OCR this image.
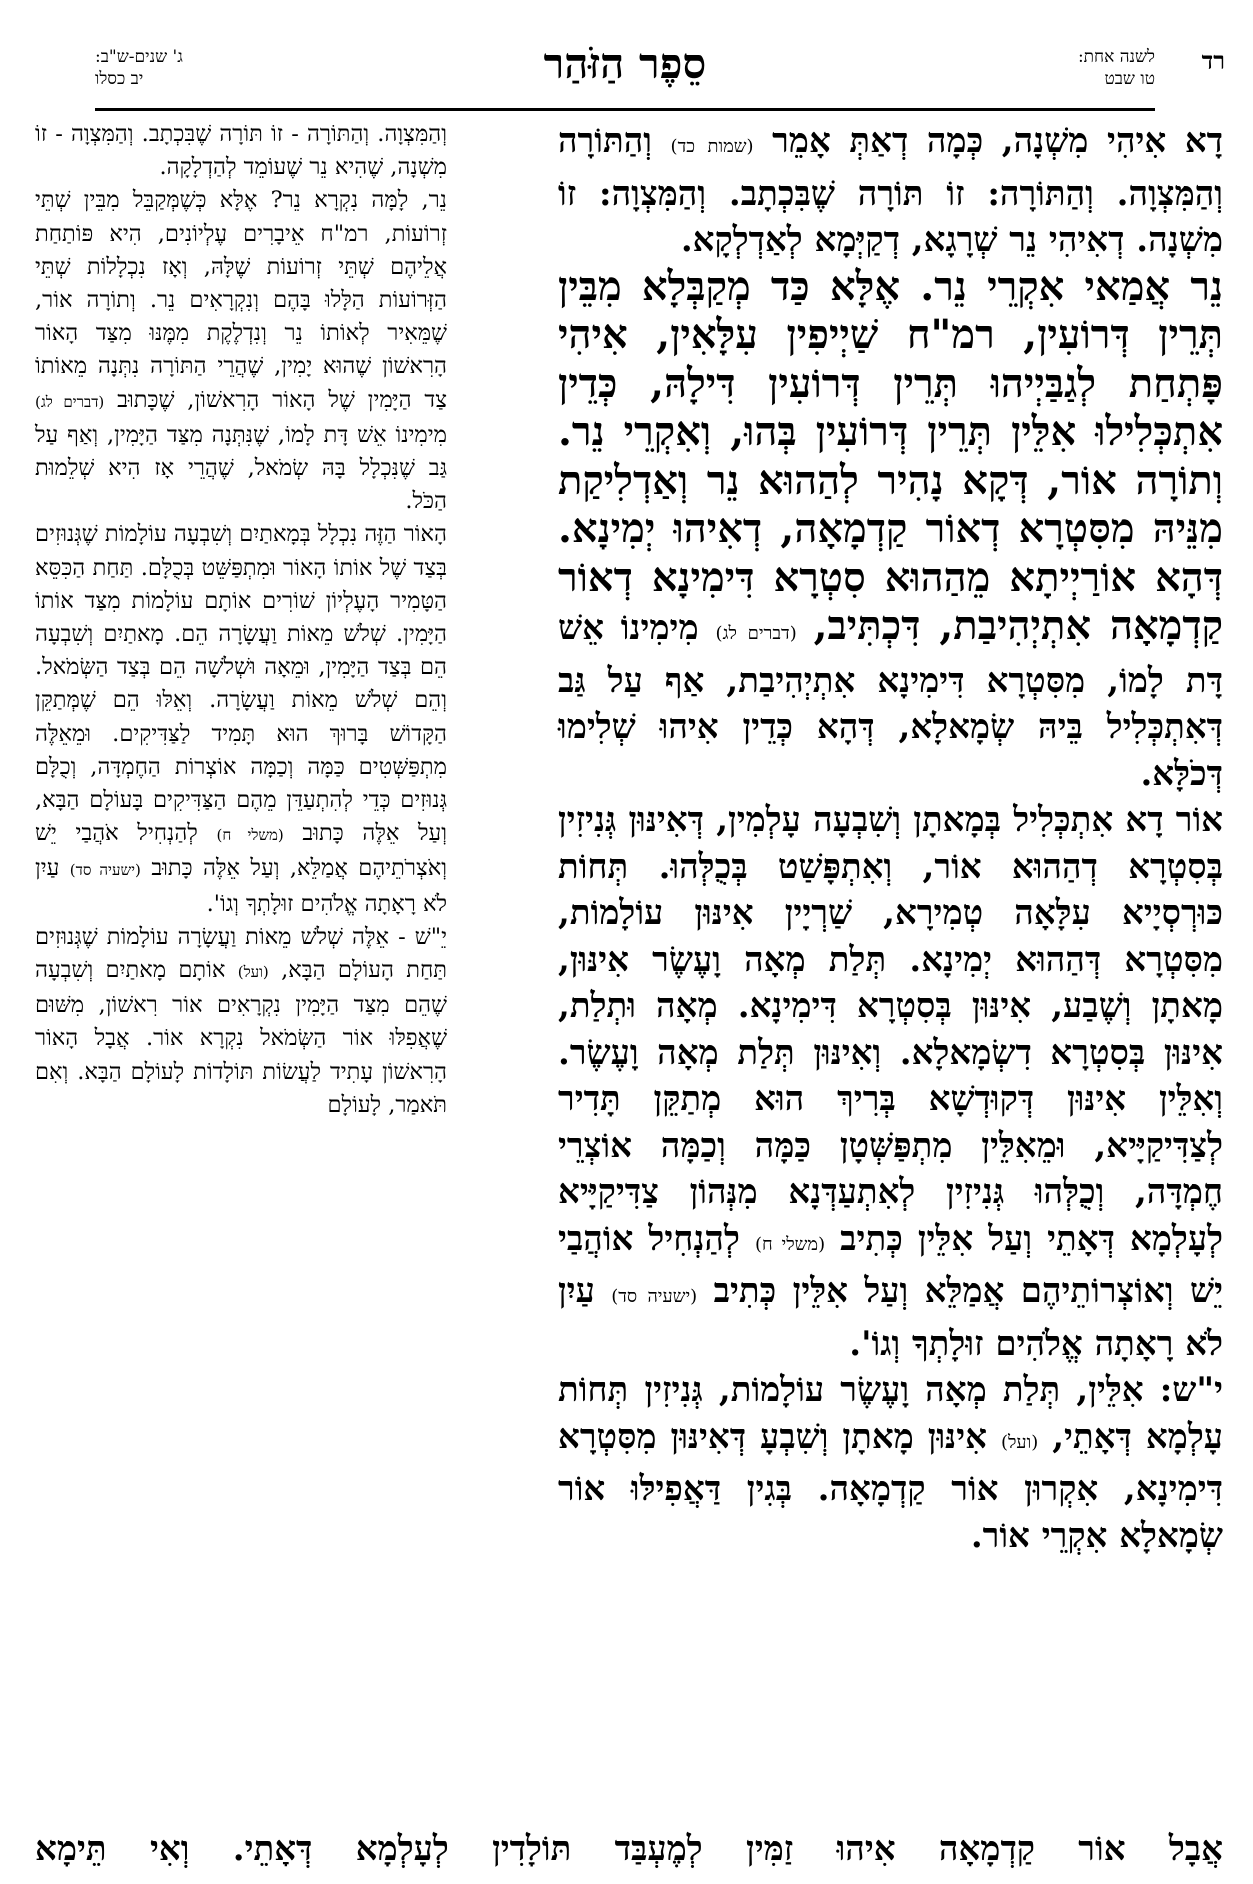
רד
לשנה אחת:
טו שבט
סֵפֶר הַזֹּהַר
ג' שנים-ש"ב:
יב כסלו

דָא אִיהִי מִשְׁנָה, כְּמָה דְאַתְּ אָמֵר (שמות כד) וְהַתּוֹרָה וְהַמִּצְוָה. וְהַתּוֹרָה: זוֹ תּוֹרָה שֶׁבִּכְתָב. וְהַמִּצְוָה: זוֹ מִשְׁנָה. דְאִיהִי נֵר שְׁרָגָא, דְקַיְּמָא לְאַדְלְקָא.

נֵר אֲמַאי אִקְרֵי נֵר. אֶלָּא כַּד מְקַבְּלָא מִבֵּין תְּרֵין דְּרוֹעִין, רמ"ח שַׁיְיפִין עִלָּאִין, אִיהִי פָּתְחַת לְגַבַּיְיהוּ תְּרֵין דְּרוֹעִין דִּילָהּ, כְּדֵין אִתְכְּלִילוּ אִלֵּין תְּרֵין דְּרוֹעִין בְּהוּ, וְאִקְרֵי נֵר. וְתוֹרָה אוֹר, דְּקָא נָהִיר לְהַהוּא נֵר וְאַדְלִיקַת מִנֵּיהּ מִסִּטְרָא דְאוֹר קַדְמָאָה, דְאִיהוּ יְמִינָא. דְּהָא אוֹרַיְיתָא מֵהַהוּא סִטְרָא דִּימִינָא דְאוֹר קַדְמָאָה אִתְיְהִיבַת, דִּכְתִּיב, (דברים לג) מִימִינוֹ אֵשׁ דָּת לָמוֹ, מִסִּטְרָא דִּימִינָא אִתְיְהִיבַת, אַף עַל גַּב דְּאִתְכְּלִיל בֵּיהּ שְׂמָאלָא, דְּהָא כְּדֵין אִיהוּ שְׁלִימוּ דְּכֹלָּא.

אוֹר דָא אִתְכְּלִיל בְּמָאתָן וְשִׁבְעָה עָלְמִין, דְּאִינּוּן גְּנִיזִין בְּסִטְרָא דְהַהוּא אוֹר, וְאִתְפָּשַׁט בְּכֻלְּהוּ. תְּחוֹת כּוּרְסְיָיא עִלָּאָה טְמִירָא, שַׁרְיָין אִינּוּן עוֹלָמוֹת, מִסִּטְרָא דְּהַהוּא יְמִינָא. תְּלַת מְאָה וָעֶשֶׂר אִינּוּן, מָאתָן וְשֶׁבַע, אִינּוּן בְּסִטְרָא דִּימִינָא. מְאָה וּתְלַת, אִינּוּן בְּסִטְרָא דִשְׂמָאלָא. וְאִינּוּן תְּלַת מְאָה וָעֶשֶׂר. וְאִלֵּין אִינּוּן דְּקוּדְשָׁא בְּרִיךְ הוּא מְתַקֵּן תָּדִיר לְצַדִּיקַיָּיא, וּמֵאִלֵּין מִתְפַּשְּׁטָן כַּמָּה וְכַמָּה אוֹצְרֵי חֶמְדָּה, וְכֻלְּהוּ גְּנִיזִין לְאִתְעַדְּנָא מִנְּהוֹן צַדִּיקַיָּיא לְעָלְמָא דְּאָתֵי וְעַל אִלֵּין כְּתִיב (משלי ח) לְהַנְחִיל אוֹהֲבַי יֵשׁ וְאוֹצְרוֹתֵיהֶם אֲמַלֵּא וְעַל אִלֵּין כְּתִיב (ישעיה סד) עַיִן לֹא רָאָתָה אֱלֹהִים זוּלָתְךָ וְגוֹ'.

י"ש: אִלֵּין, תְּלַת מְאָה וָעֶשֶׂר עוֹלָמוֹת, גְּנִיזִין תְּחוֹת עָלְמָא דְּאָתֵי, (ועל) אִינּוּן מָאתָן וְשִׁבְעָ דְּאִינּוּן מִסִּטְרָא דִּימִינָא, אִקְרוּן אוֹר קַדְמָאָה. בְּגִין דַּאֲפִילּוּ אוֹר שְׂמָאלָא אִקְרֵי אוֹר.

וְהַמִּצְוָה. וְהַתּוֹרָה - זוֹ תּוֹרָה שֶׁבִּכְתָב. וְהַמִּצְוָה - זוֹ מִשְׁנָה, שֶׁהִיא נֵר שֶׁעוֹמֵד לְהַדְלָקָה.

נֵר, לָמָּה נִקְרָא נֵר? אֶלָּא כְּשֶׁמְּקַבֵּל מִבֵּין שְׁתֵּי זְרוֹעוֹת, רמ"ח אֵיבָרִים עֶלְיוֹנִים, הִיא פּוֹתַחַת אֲלֵיהֶם שְׁתֵּי זְרוֹעוֹת שֶׁלָּהּ, וְאָז נִכְלָלוֹת שְׁתֵּי הַזְּרוֹעוֹת הַלָּלוּ בָּהֶם וְנִקְרָאִים נֵר. וְתוֹרָה אוֹר, שֶׁמֵּאִיר לְאוֹתוֹ נֵר וְנִדְלֶקֶת מִמֶּנּוּ מִצַּד הָאוֹר הָרִאשׁוֹן שֶׁהוּא יָמִין, שֶׁהֲרֵי הַתּוֹרָה נִתְּנָה מֵאוֹתוֹ צַד הַיָּמִין שֶׁל הָאוֹר הָרִאשׁוֹן, שֶׁכָּתוּב (דברים לג) מִימִינוֹ אֵשׁ דָּת לָמוֹ, שֶׁנִּתְּנָה מִצַּד הַיָּמִין, וְאַף עַל גַּב שֶׁנִּכְלָל בָּהּ שְׂמֹאל, שֶׁהֲרֵי אָז הִיא שְׁלֵמוּת הַכֹּל.

הָאוֹר הַזֶּה נִכְלָל בְּמָאתַיִם וְשִׁבְעָה עוֹלָמוֹת שֶׁגְּנוּזִים בְּצַד שֶׁל אוֹתוֹ הָאוֹר וּמִתְפַּשֵּׁט בְּכֻלָּם. תַּחַת הַכִּסֵּא הַטָּמִיר הָעֶלְיוֹן שׁוֹרִים אוֹתָם עוֹלָמוֹת מִצַּד אוֹתוֹ הַיָּמִין. שְׁלֹשׁ מֵאוֹת וַעֲשָׂרָה הֵם. מָאתַיִם וְשִׁבְעָה הֵם בְּצַד הַיָּמִין, וּמֵאָה וּשְׁלֹשָׁה הֵם בְּצַד הַשְּׂמֹאל. וְהֵם שְׁלֹשׁ מֵאוֹת וַעֲשָׂרָה. וְאֵלּוּ הֵם שֶׁמְּתַקֵּן הַקָּדוֹשׁ בָּרוּךְ הוּא תָּמִיד לַצַּדִּיקִים. וּמֵאֵלֶּה מִתְפַּשְּׁטִים כַּמָּה וְכַמָּה אוֹצְרוֹת הַחֶמְדָּה, וְכֻלָּם גְּנוּזִים כְּדֵי לְהִתְעַדֵּן מֵהֶם הַצַּדִּיקִים בָּעוֹלָם הַבָּא, וְעַל אֵלֶּה כָּתוּב (משלי ח) לְהַנְחִיל אֹהֲבַי יֵשׁ וְאֹצְרֹתֵיהֶם אֲמַלֵּא, וְעַל אֵלֶּה כָּתוּב (ישעיה סד) עַיִן לֹא רָאָתָה אֱלֹהִים זוּלָתְךָ וְגוֹ'.

יֵ"שׁ - אֵלֶּה שְׁלֹשׁ מֵאוֹת וַעֲשָׂרָה עוֹלָמוֹת שֶׁגְּנוּזִים תַּחַת הָעוֹלָם הַבָּא, (ועל) אוֹתָם מָאתַיִם וְשִׁבְעָה שֶׁהֵם מִצַּד הַיָּמִין נִקְרָאִים אוֹר רִאשׁוֹן, מִשּׁוּם שֶׁאֲפִלּוּ אוֹר הַשְּׂמֹאל נִקְרָא אוֹר. אֲבָל הָאוֹר הָרִאשׁוֹן עָתִיד לַעֲשׂוֹת תּוֹלָדוֹת לָעוֹלָם הַבָּא. וְאִם תֹּאמַר, לָעוֹלָם

אֲבָל אוֹר קַדְמָאָה אִיהוּ זַמִּין לְמֶעְבַּד תּוֹלָדִין לְעָלְמָא דְּאָתֵי. וְאִי תֵּימָא
